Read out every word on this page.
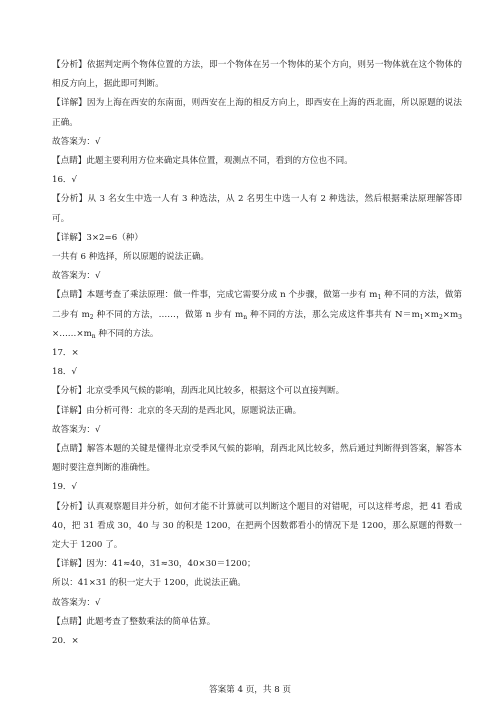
【分析】依据判定两个物体位置的方法，即一个物体在另一个物体的某个方向，则另一物体就在这个物体的相反方向上，据此即可判断。

【详解】因为上海在西安的东南面，则西安在上海的相反方向上，即西安在上海的西北面，所以原题的说法正确。

故答案为：√

【点睛】此题主要利用方位来确定具体位置，观测点不同，看到的方位也不同。

16．√

【分析】从 3 名女生中选一人有 3 种选法，从 2 名男生中选一人有 2 种选法，然后根据乘法原理解答即可。

【详解】3×2=6（种）

一共有 6 种选择，所以原题的说法正确。

故答案为：√

【点睛】本题考查了乘法原理：做一件事，完成它需要分成 n 个步骤，做第一步有 $m_1$ 种不同的方法，做第二步有 $m_2$ 种不同的方法，……，做第 n 步有 $m_n$ 种不同的方法，那么完成这件事共有 $N=m_1\times m_2\times m_3\times\dots\dots\times m_n$ 种不同的方法。

17．×

18．√

【分析】北京受季风气候的影响，刮西北风比较多，根据这个可以直接判断。

【详解】由分析可得：北京的冬天刮的是西北风，原题说法正确。

故答案为：√

【点睛】解答本题的关键是懂得北京受季风气候的影响，刮西北风比较多，然后通过判断得到答案，解答本题时要注意判断的准确性。

19．√

【分析】认真观察题目并分析，如何才能不计算就可以判断这个题目的对错呢，可以这样考虑，把 41 看成 40，把 31 看成 30，40 与 30 的积是 1200，在把两个因数都看小的情况下是 1200，那么原题的得数一定大于 1200 了。

【详解】因为：41≈40，31≈30，40×30＝1200；

所以：41×31 的积一定大于 1200，此说法正确。

故答案为：√

【点睛】此题考查了整数乘法的简单估算。

20．×

答案第 4 页，共 8 页
